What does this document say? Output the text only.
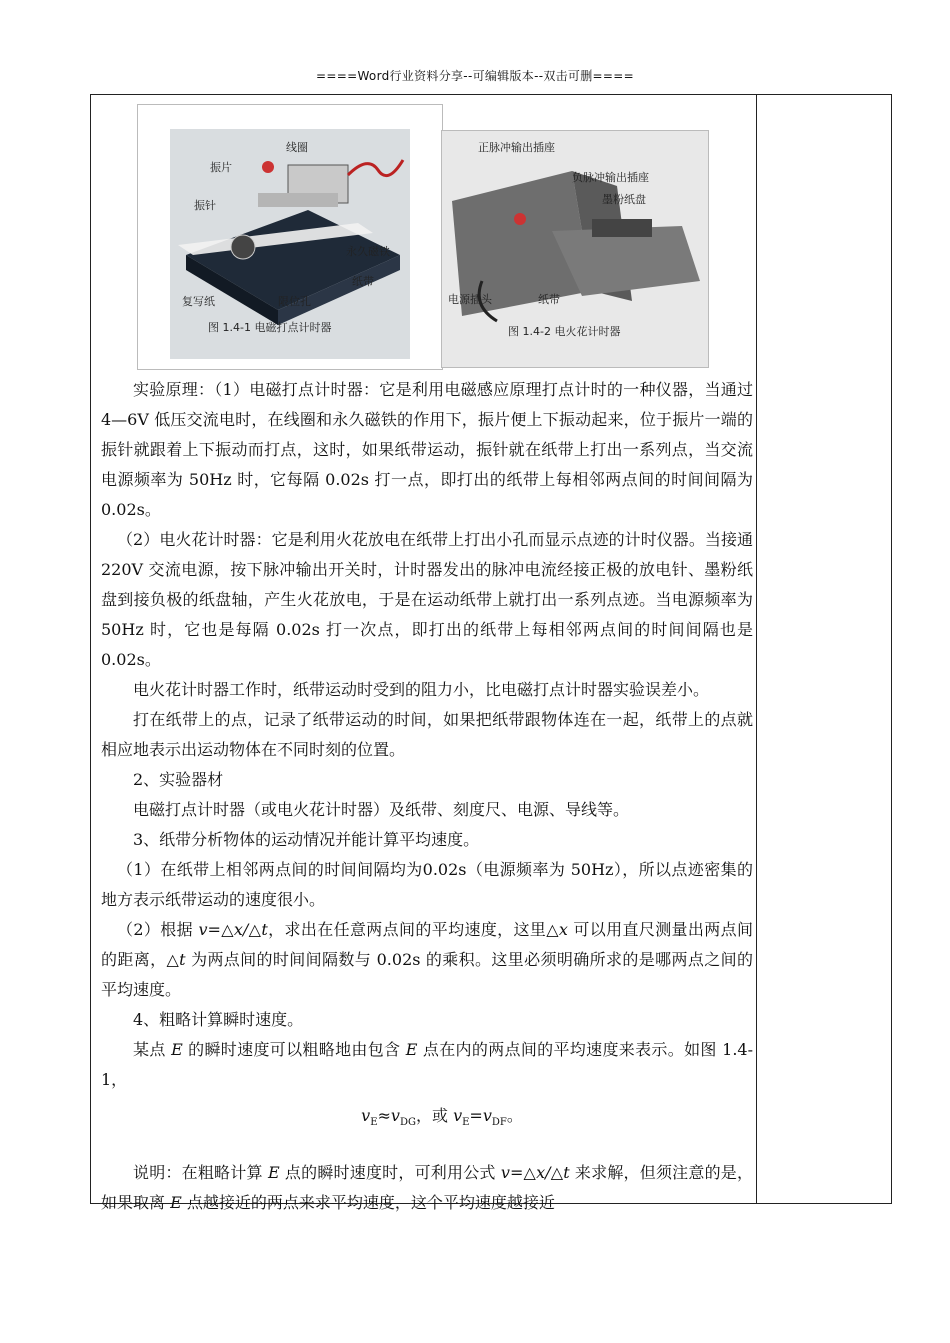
====Word行业资料分享--可编辑版本--双击可删====
线圈
振片
振针
永久磁铁
纸带
复写纸	限位孔
图 1.4-1 电磁打点计时器
正脉冲输出插座
负脉冲输出插座
墨粉纸盘
电源插头	纸带
图 1.4-2 电火花计时器

实验原理：（1）电磁打点计时器：它是利用电磁感应原理打点计时的一种仪器，当通过 4—6V 低压交流电时，在线圈和永久磁铁的作用下，振片便上下振动起来，位于振片一端的振针就跟着上下振动而打点，这时，如果纸带运动，振针就在纸带上打出一系列点，当交流电源频率为 50Hz 时，它每隔 0.02s 打一点，即打出的纸带上每相邻两点间的时间间隔为0.02s。

（2）电火花计时器：它是利用火花放电在纸带上打出小孔而显示点迹的计时仪器。当接通 220V 交流电源，按下脉冲输出开关时，计时器发出的脉冲电流经接正极的放电针、墨粉纸盘到接负极的纸盘轴，产生火花放电，于是在运动纸带上就打出一系列点迹。当电源频率为 50Hz 时，它也是每隔 0.02s 打一次点，即打出的纸带上每相邻两点间的时间间隔也是0.02s。

电火花计时器工作时，纸带运动时受到的阻力小，比电磁打点计时器实验误差小。

打在纸带上的点，记录了纸带运动的时间，如果把纸带跟物体连在一起，纸带上的点就相应地表示出运动物体在不同时刻的位置。

2、实验器材

电磁打点计时器（或电火花计时器）及纸带、刻度尺、电源、导线等。

3、纸带分析物体的运动情况并能计算平均速度。

（1）在纸带上相邻两点间的时间间隔均为0.02s（电源频率为 50Hz），所以点迹密集的地方表示纸带运动的速度很小。

（2）根据 v=△x/△t，求出在任意两点间的平均速度，这里△x 可以用直尺测量出两点间的距离，△t 为两点间的时间间隔数与 0.02s 的乘积。这里必须明确所求的是哪两点之间的平均速度。

4、粗略计算瞬时速度。

某点 E 的瞬时速度可以粗略地由包含 E 点在内的两点间的平均速度来表示。如图 1.4-1，

$v_E\approx v_{DG}$，或 $v_E=v_{DF}$。

说明：在粗略计算 E 点的瞬时速度时，可利用公式 v=△x/△t 来求解，但须注意的是，如果取离 E 点越接近的两点来求平均速度，这个平均速度越接近
